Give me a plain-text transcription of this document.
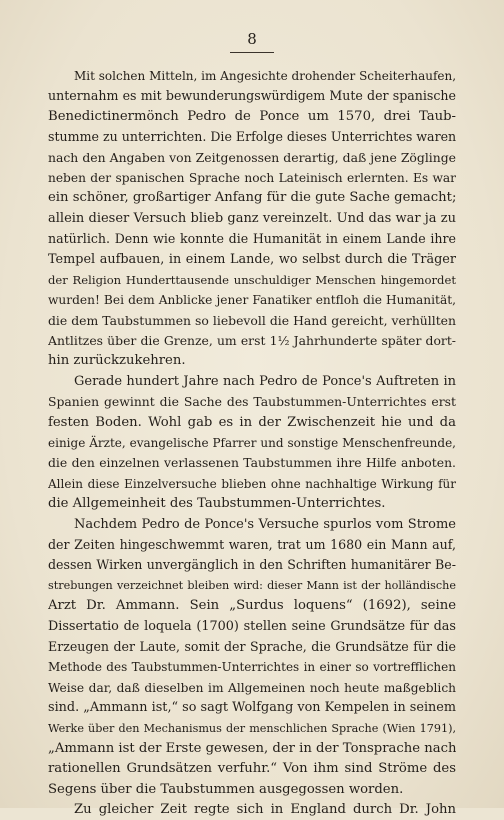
8
Mit solchen Mitteln, im Angesichte drohender Scheiterhaufen,
unternahm es mit bewunderungswürdigem Mute der spanische
Benedictinermönch Pedro de Ponce um 1570, drei Taub-
stumme zu unterrichten. Die Erfolge dieses Unterrichtes waren
nach den Angaben von Zeitgenossen derartig, daß jene Zöglinge
neben der spanischen Sprache noch Lateinisch erlernten. Es war
ein schöner, großartiger Anfang für die gute Sache gemacht;
allein dieser Versuch blieb ganz vereinzelt. Und das war ja zu
natürlich. Denn wie konnte die Humanität in einem Lande ihre
Tempel aufbauen, in einem Lande, wo selbst durch die Träger
der Religion Hunderttausende unschuldiger Menschen hingemordet
wurden! Bei dem Anblicke jener Fanatiker entfloh die Humanität,
die dem Taubstummen so liebevoll die Hand gereicht, verhüllten
Antlitzes über die Grenze, um erst 1½ Jahrhunderte später dort-
hin zurückzukehren.
Gerade hundert Jahre nach Pedro de Ponce's Auftreten in
Spanien gewinnt die Sache des Taubstummen-Unterrichtes erst
festen Boden. Wohl gab es in der Zwischenzeit hie und da
einige Ärzte, evangelische Pfarrer und sonstige Menschenfreunde,
die den einzelnen verlassenen Taubstummen ihre Hilfe anboten.
Allein diese Einzelversuche blieben ohne nachhaltige Wirkung für
die Allgemeinheit des Taubstummen-Unterrichtes.
Nachdem Pedro de Ponce's Versuche spurlos vom Strome
der Zeiten hingeschwemmt waren, trat um 1680 ein Mann auf,
dessen Wirken unvergänglich in den Schriften humanitärer Be-
strebungen verzeichnet bleiben wird: dieser Mann ist der holländische
Arzt Dr. Ammann. Sein „Surdus loquens“ (1692), seine
Dissertatio de loquela (1700) stellen seine Grundsätze für das
Erzeugen der Laute, somit der Sprache, die Grundsätze für die
Methode des Taubstummen-Unterrichtes in einer so vortrefflichen
Weise dar, daß dieselben im Allgemeinen noch heute maßgeblich
sind. „Ammann ist,“ so sagt Wolfgang von Kempelen in seinem
Werke über den Mechanismus der menschlichen Sprache (Wien 1791),
„Ammann ist der Erste gewesen, der in der Tonsprache nach
rationellen Grundsätzen verfuhr.“ Von ihm sind Ströme des
Segens über die Taubstummen ausgegossen worden.
Zu gleicher Zeit regte sich in England durch Dr. John
